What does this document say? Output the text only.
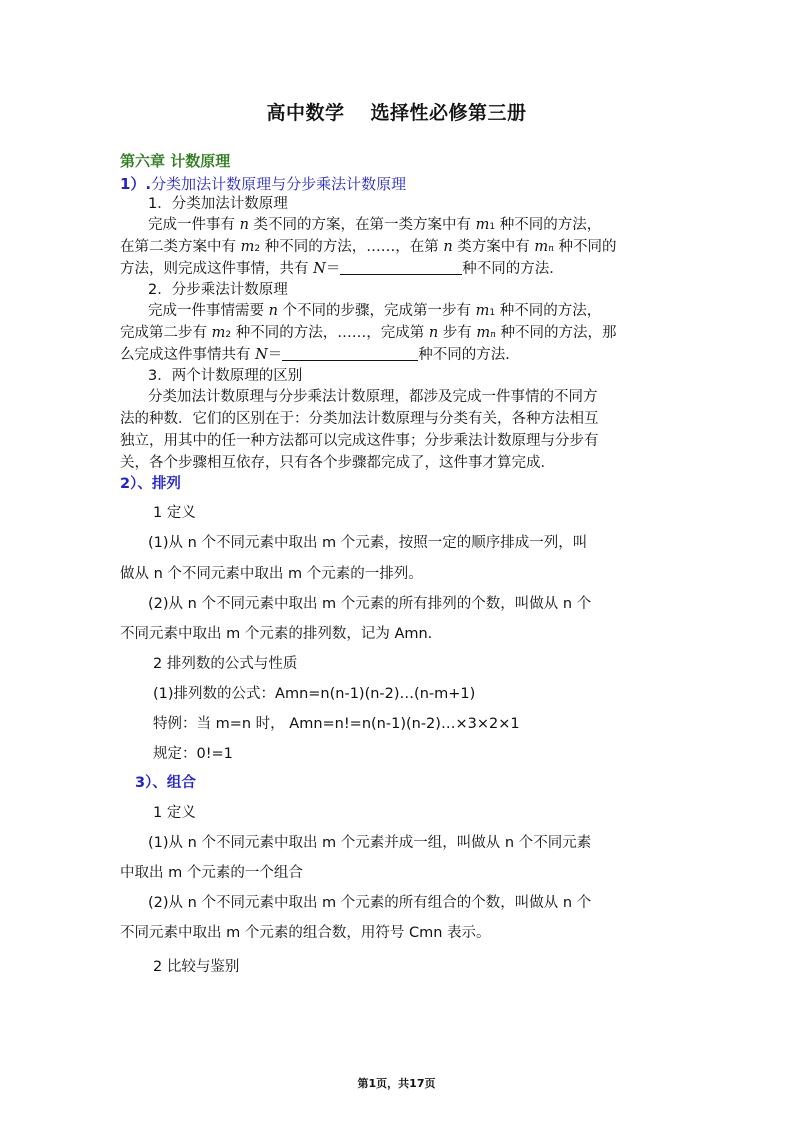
高中数学 选择性必修第三册
第六章 计数原理
1）.分类加法计数原理与分步乘法计数原理
1．分类加法计数原理
完成一件事有 n 类不同的方案，在第一类方案中有 m1 种不同的方法，
在第二类方案中有 m2 种不同的方法，……，在第 n 类方案中有 mn 种不同的
方法，则完成这件事情，共有 N＝	种不同的方法．
2．分步乘法计数原理
完成一件事情需要 n 个不同的步骤，完成第一步有 m1 种不同的方法，
完成第二步有 m2 种不同的方法，……，完成第 n 步有 mn 种不同的方法，那
么完成这件事情共有 N＝	种不同的方法．
3．两个计数原理的区别
分类加法计数原理与分步乘法计数原理，都涉及完成一件事情的不同方
法的种数．它们的区别在于：分类加法计数原理与分类有关，各种方法相互
独立，用其中的任一种方法都可以完成这件事；分步乘法计数原理与分步有
关，各个步骤相互依存，只有各个步骤都完成了，这件事才算完成．
2）、排列
1 定义
(1)从 n 个不同元素中取出 m 个元素，按照一定的顺序排成一列，叫
做从 n 个不同元素中取出 m 个元素的一排列。
(2)从 n 个不同元素中取出 m 个元素的所有排列的个数，叫做从 n 个
不同元素中取出 m 个元素的排列数，记为 Amn.
2 排列数的公式与性质
(1)排列数的公式：Amn=n(n-1)(n-2)…(n-m+1)
特例：当 m=n 时， Amn=n!=n(n-1)(n-2)…×3×2×1
规定：0!=1
3）、组合
1 定义
(1)从 n 个不同元素中取出 m 个元素并成一组，叫做从 n 个不同元素
中取出 m 个元素的一个组合
(2)从 n 个不同元素中取出 m 个元素的所有组合的个数，叫做从 n 个
不同元素中取出 m 个元素的组合数，用符号 Cmn 表示。
2 比较与鉴别
第1页，共17页
